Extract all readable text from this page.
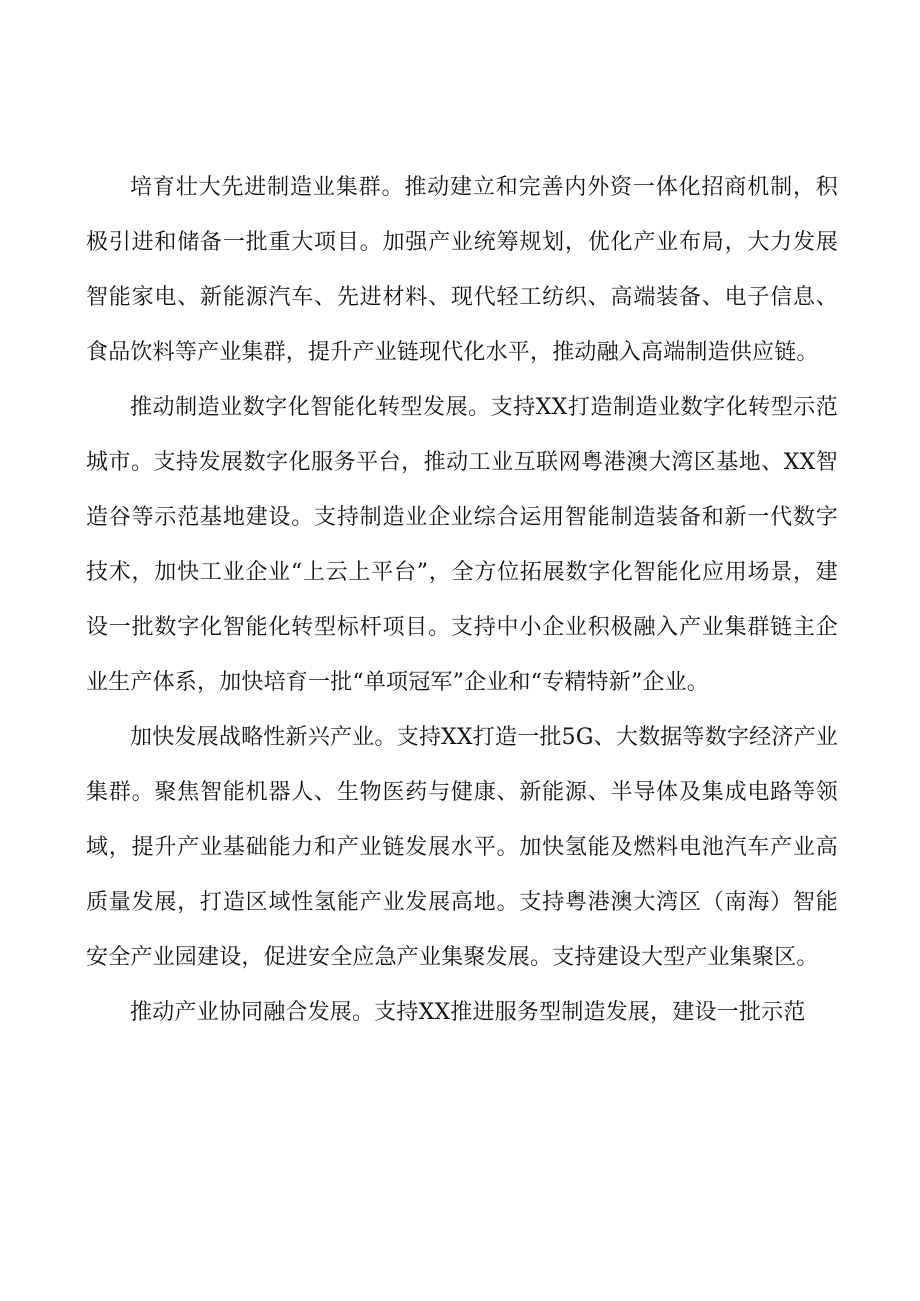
培育壮大先进制造业集群。推动建立和完善内外资一体化招商机制，积极引进和储备一批重大项目。加强产业统筹规划，优化产业布局，大力发展智能家电、新能源汽车、先进材料、现代轻工纺织、高端装备、电子信息、食品饮料等产业集群，提升产业链现代化水平，推动融入高端制造供应链。

推动制造业数字化智能化转型发展。支持XX打造制造业数字化转型示范城市。支持发展数字化服务平台，推动工业互联网粤港澳大湾区基地、XX智造谷等示范基地建设。支持制造业企业综合运用智能制造装备和新一代数字技术，加快工业企业“上云上平台”，全方位拓展数字化智能化应用场景，建设一批数字化智能化转型标杆项目。支持中小企业积极融入产业集群链主企业生产体系，加快培育一批“单项冠军”企业和“专精特新”企业。

加快发展战略性新兴产业。支持XX打造一批5G、大数据等数字经济产业集群。聚焦智能机器人、生物医药与健康、新能源、半导体及集成电路等领域，提升产业基础能力和产业链发展水平。加快氢能及燃料电池汽车产业高质量发展，打造区域性氢能产业发展高地。支持粤港澳大湾区（南海）智能安全产业园建设，促进安全应急产业集聚发展。支持建设大型产业集聚区。

推动产业协同融合发展。支持XX推进服务型制造发展，建设一批示范
